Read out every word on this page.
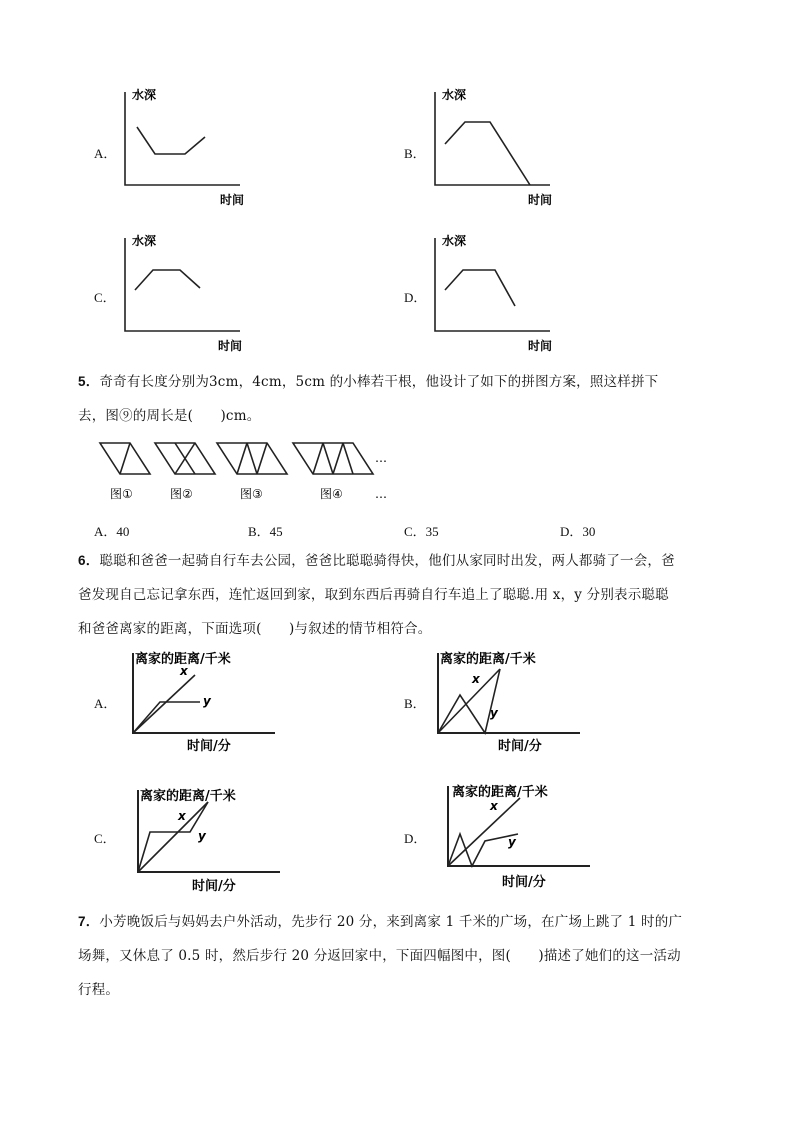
A．
水深
时间
B．
水深
时间
C．
水深
时间
D．
水深
时间
5．奇奇有长度分别为3cm，4cm，5cm 的小棒若干根，他设计了如下的拼图方案，照这样拼下
去，图⑨的周长是(　　)cm。
…
…
图①	图②	图③	图④
A．40	B．45	C．35	D．30
6．聪聪和爸爸一起骑自行车去公园，爸爸比聪聪骑得快，他们从家同时出发，两人都骑了一会，爸
爸发现自己忘记拿东西，连忙返回到家，取到东西后再骑自行车追上了聪聪.用 x，y 分别表示聪聪
和爸爸离家的距离，下面选项(　　)与叙述的情节相符合。
A．
离家的距离/千米
x
y
时间/分
B．
离家的距离/千米
x
y
时间/分
C．
离家的距离/千米
x
y
时间/分
D．
离家的距离/千米
x
y
时间/分
7．小芳晚饭后与妈妈去户外活动，先步行 20 分，来到离家 1 千米的广场，在广场上跳了 1 时的广
场舞，又休息了 0.5 时，然后步行 20 分返回家中，下面四幅图中，图(　　)描述了她们的这一活动
行程。
